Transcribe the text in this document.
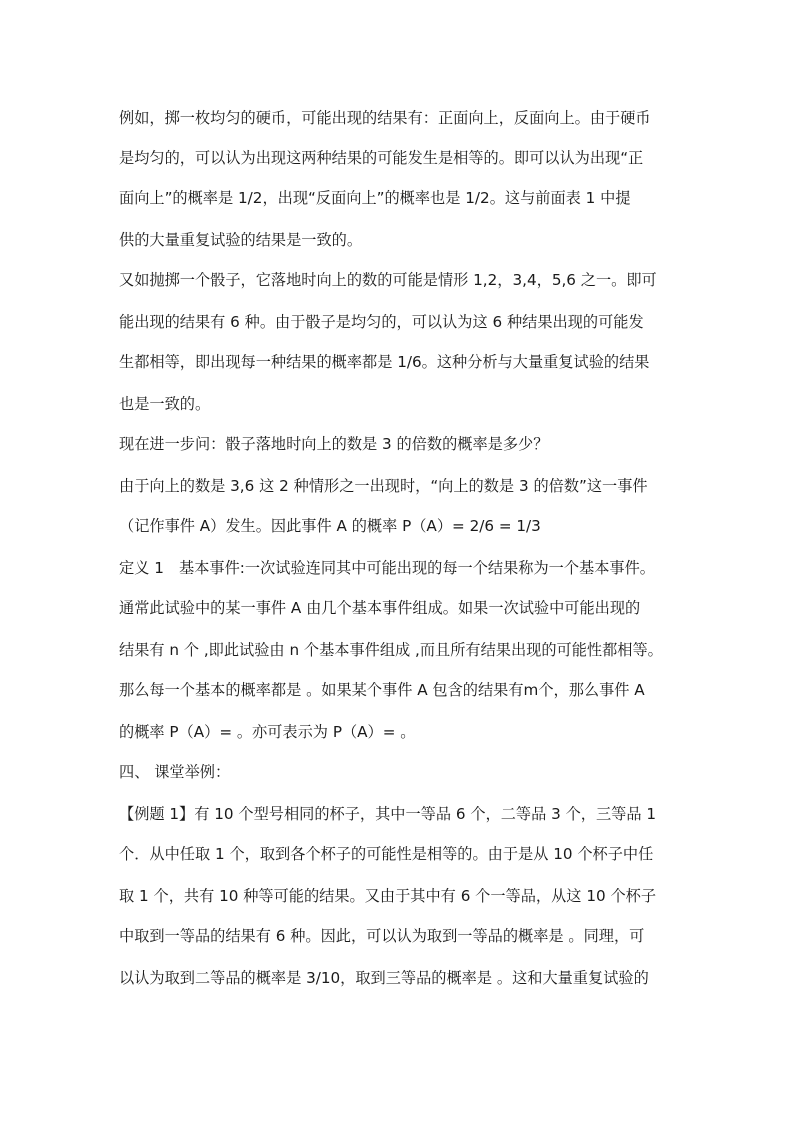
例如，掷一枚均匀的硬币，可能出现的结果有：正面向上，反面向上。由于硬币
是均匀的，可以认为出现这两种结果的可能发生是相等的。即可以认为出现“正
面向上”的概率是 1/2，出现“反面向上”的概率也是 1/2。这与前面表 1 中提
供的大量重复试验的结果是一致的。
又如抛掷一个骰子，它落地时向上的数的可能是情形 1,2，3,4，5,6 之一。即可
能出现的结果有 6 种。由于骰子是均匀的，可以认为这 6 种结果出现的可能发
生都相等，即出现每一种结果的概率都是 1/6。这种分析与大量重复试验的结果
也是一致的。
现在进一步问：骰子落地时向上的数是 3 的倍数的概率是多少？
由于向上的数是 3,6 这 2 种情形之一出现时，“向上的数是 3 的倍数”这一事件
（记作事件 A）发生。因此事件 A 的概率 P（A）= 2/6 = 1/3
定义 1　基本事件:一次试验连同其中可能出现的每一个结果称为一个基本事件。
通常此试验中的某一事件 A 由几个基本事件组成。如果一次试验中可能出现的
结果有 n 个 ,即此试验由 n 个基本事件组成 ,而且所有结果出现的可能性都相等。
那么每一个基本的概率都是 。如果某个事件 A 包含的结果有m个，那么事件 A
的概率 P（A）= 。亦可表示为 P（A）= 。
四、 课堂举例：
【例题 1】有 10 个型号相同的杯子，其中一等品 6 个，二等品 3 个，三等品 1
个．从中任取 1 个，取到各个杯子的可能性是相等的。由于是从 10 个杯子中任
取 1 个，共有 10 种等可能的结果。又由于其中有 6 个一等品，从这 10 个杯子
中取到一等品的结果有 6 种。因此，可以认为取到一等品的概率是 。同理，可
以认为取到二等品的概率是 3/10，取到三等品的概率是 。这和大量重复试验的
